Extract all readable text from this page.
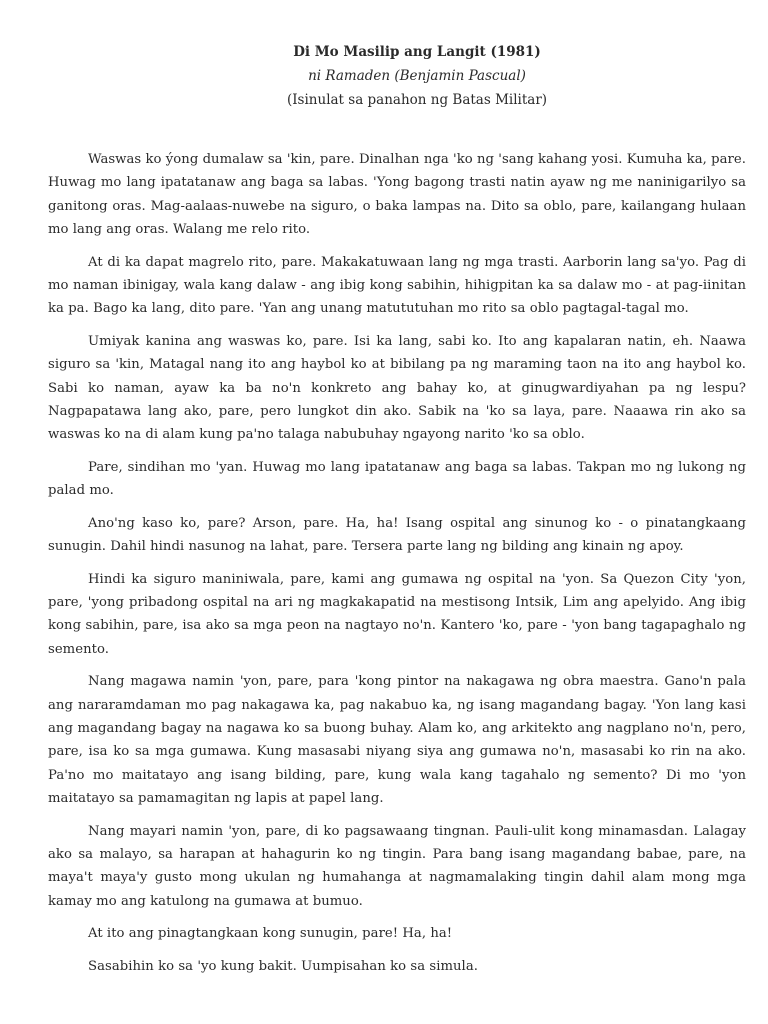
Di Mo Masilip ang Langit (1981)

ni Ramaden (Benjamin Pascual)

(Isinulat sa panahon ng Batas Militar)

Waswas ko ýong dumalaw sa 'kin, pare. Dinalhan nga 'ko ng 'sang kahang yosi. Kumuha ka, pare. Huwag mo lang ipatatanaw ang baga sa labas. 'Yong bagong trasti natin ayaw ng me naninigarilyo sa ganitong oras. Mag-aalaas-nuwebe na siguro, o baka lampas na. Dito sa oblo, pare, kailangang hulaan mo lang ang oras. Walang me relo rito.

At di ka dapat magrelo rito, pare. Makakatuwaan lang ng mga trasti. Aarborin lang sa'yo. Pag di mo naman ibinigay, wala kang dalaw - ang ibig kong sabihin, hihigpitan ka sa dalaw mo - at pag-iinitan ka pa. Bago ka lang, dito pare. 'Yan ang unang matututuhan mo rito sa oblo pagtagal-tagal mo.

Umiyak kanina ang waswas ko, pare. Isi ka lang, sabi ko. Ito ang kapalaran natin, eh. Naawa siguro sa 'kin, Matagal nang ito ang haybol ko at bibilang pa ng maraming taon na ito ang haybol ko. Sabi ko naman, ayaw ka ba no'n konkreto ang bahay ko, at ginugwardiyahan pa ng lespu? Nagpapatawa lang ako, pare, pero lungkot din ako. Sabik na 'ko sa laya, pare. Naaawa rin ako sa waswas ko na di alam kung pa'no talaga nabubuhay ngayong narito 'ko sa oblo.

Pare, sindihan mo 'yan. Huwag mo lang ipatatanaw ang baga sa labas. Takpan mo ng lukong ng palad mo.

Ano'ng kaso ko, pare? Arson, pare. Ha, ha! Isang ospital ang sinunog ko - o pinatangkaang sunugin. Dahil hindi nasunog na lahat, pare. Tersera parte lang ng bilding ang kinain ng apoy.

Hindi ka siguro maniniwala, pare, kami ang gumawa ng ospital na 'yon. Sa Quezon City 'yon, pare, 'yong pribadong ospital na ari ng magkakapatid na mestisong Intsik, Lim ang apelyido. Ang ibig kong sabihin, pare, isa ako sa mga peon na nagtayo no'n. Kantero 'ko, pare - 'yon bang tagapaghalo ng semento.

Nang magawa namin 'yon, pare, para 'kong pintor na nakagawa ng obra maestra. Gano'n pala ang nararamdaman mo pag nakagawa ka, pag nakabuo ka, ng isang magandang bagay. 'Yon lang kasi ang magandang bagay na nagawa ko sa buong buhay. Alam ko, ang arkitekto ang nagplano no'n, pero, pare, isa ko sa mga gumawa. Kung masasabi niyang siya ang gumawa no'n, masasabi ko rin na ako. Pa'no mo maitatayo ang isang bilding, pare, kung wala kang tagahalo ng semento? Di mo 'yon maitatayo sa pamamagitan ng lapis at papel lang.

Nang mayari namin 'yon, pare, di ko pagsawaang tingnan. Pauli-ulit kong minamasdan. Lalagay ako sa malayo, sa harapan at hahagurin ko ng tingin. Para bang isang magandang babae, pare, na maya't maya'y gusto mong ukulan ng humahanga at nagmamalaking tingin dahil alam mong mga kamay mo ang katulong na gumawa at bumuo.

At ito ang pinagtangkaan kong sunugin, pare! Ha, ha!

Sasabihin ko sa 'yo kung bakit. Uumpisahan ko sa simula.
